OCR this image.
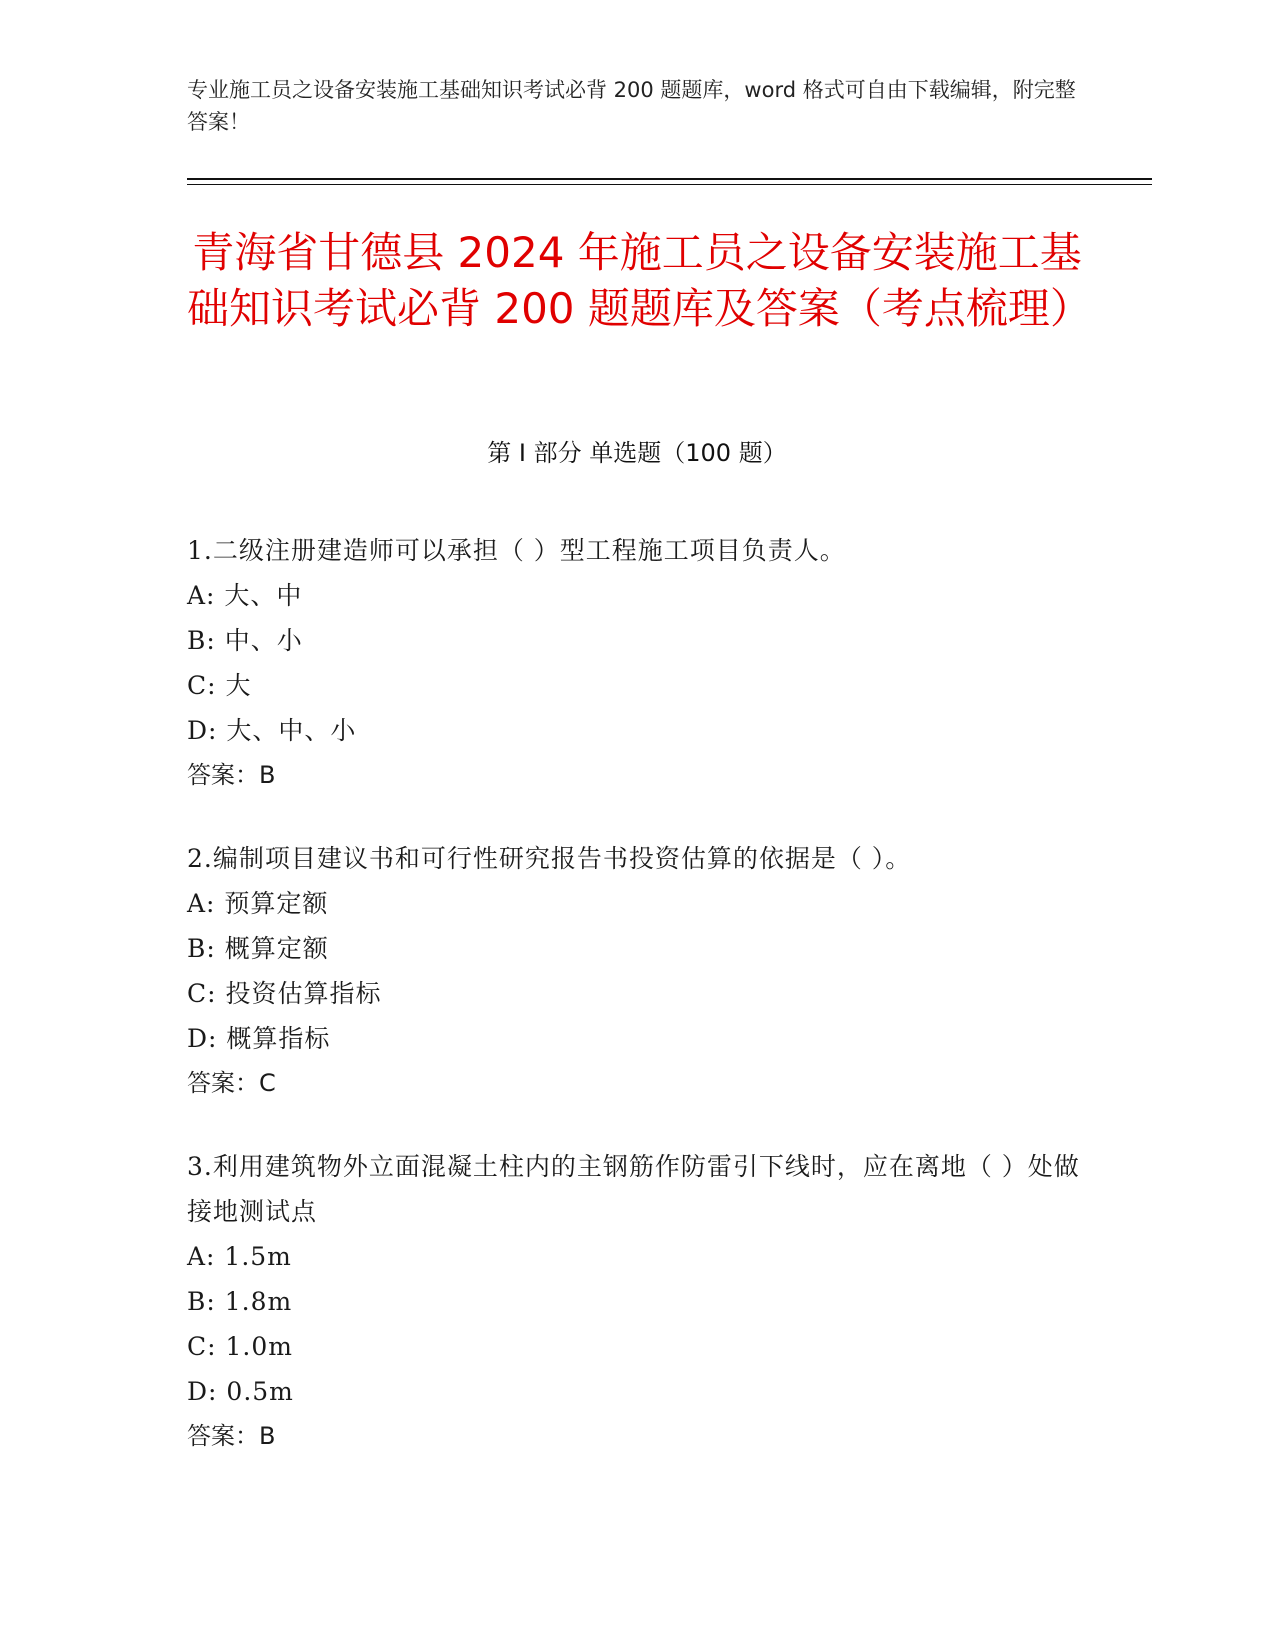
专业施工员之设备安装施工基础知识考试必背 200 题题库，word 格式可自由下载编辑，附完整答案！
青海省甘德县 2024 年施工员之设备安装施工基础知识考试必背 200 题题库及答案（考点梳理）
第 I 部分 单选题（100 题）
1.二级注册建造师可以承担（ ）型工程施工项目负责人。
A: 大、中
B: 中、小
C: 大
D: 大、中、小
答案：B
2.编制项目建议书和可行性研究报告书投资估算的依据是（ ）。
A: 预算定额
B: 概算定额
C: 投资估算指标
D: 概算指标
答案：C
3.利用建筑物外立面混凝土柱内的主钢筋作防雷引下线时，应在离地（ ）处做接地测试点
A: 1.5m
B: 1.8m
C: 1.0m
D: 0.5m
答案：B
